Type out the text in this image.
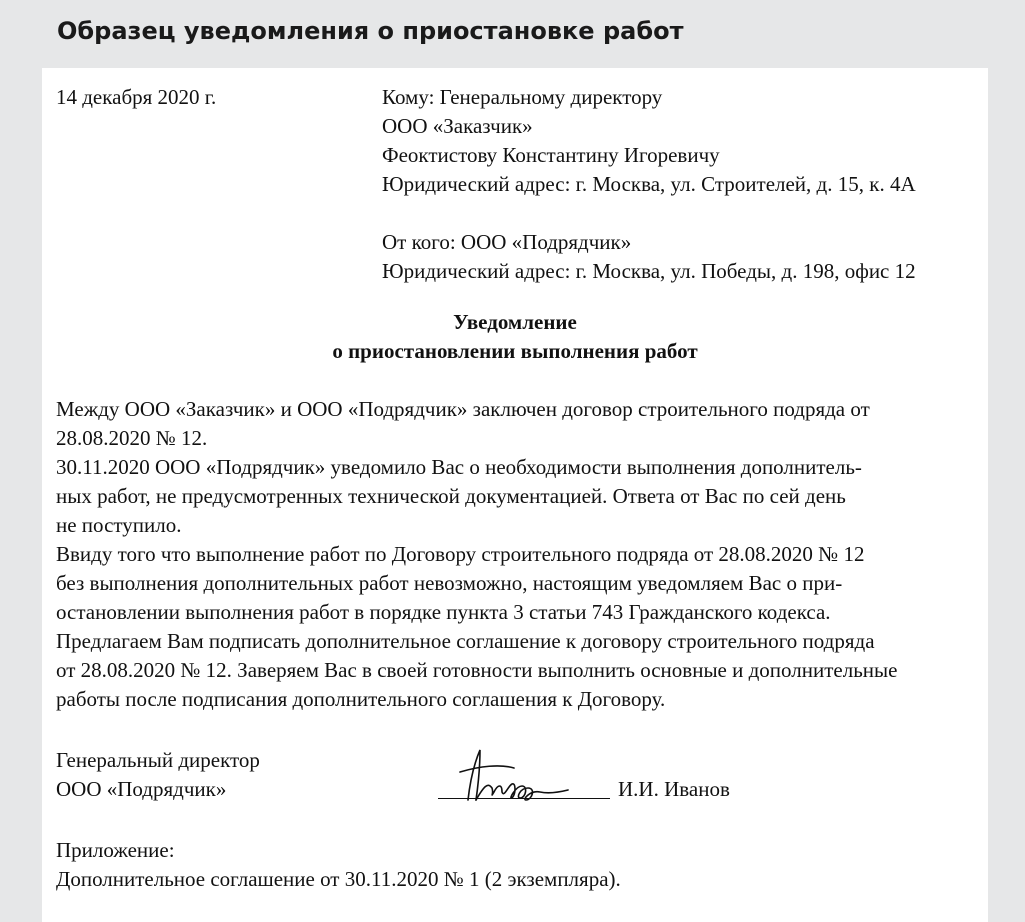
Образец уведомления о приостановке работ
14 декабря 2020 г.	Кому: Генеральному директору
ООО «Заказчик»
Феоктистову Константину Игоревичу
Юридический адрес: г. Москва, ул. Строителей, д. 15, к. 4А
От кого: ООО «Подрядчик»
Юридический адрес: г. Москва, ул. Победы, д. 198, офис 12
Уведомление
о приостановлении выполнения работ
Между ООО «Заказчик» и ООО «Подрядчик» заключен договор строительного подряда от
28.08.2020 № 12.
30.11.2020 ООО «Подрядчик» уведомило Вас о необходимости выполнения дополнитель-
ных работ, не предусмотренных технической документацией. Ответа от Вас по сей день
не поступило.
Ввиду того что выполнение работ по Договору строительного подряда от 28.08.2020 № 12
без выполнения дополнительных работ невозможно, настоящим уведомляем Вас о при-
остановлении выполнения работ в порядке пункта 3 статьи 743 Гражданского кодекса.
Предлагаем Вам подписать дополнительное соглашение к договору строительного подряда
от 28.08.2020 № 12. Заверяем Вас в своей готовности выполнить основные и дополнительные
работы после подписания дополнительного соглашения к Договору.
Генеральный директор
ООО «Подрядчик»	И.И. Иванов
Приложение:
Дополнительное соглашение от 30.11.2020 № 1 (2 экземпляра).
